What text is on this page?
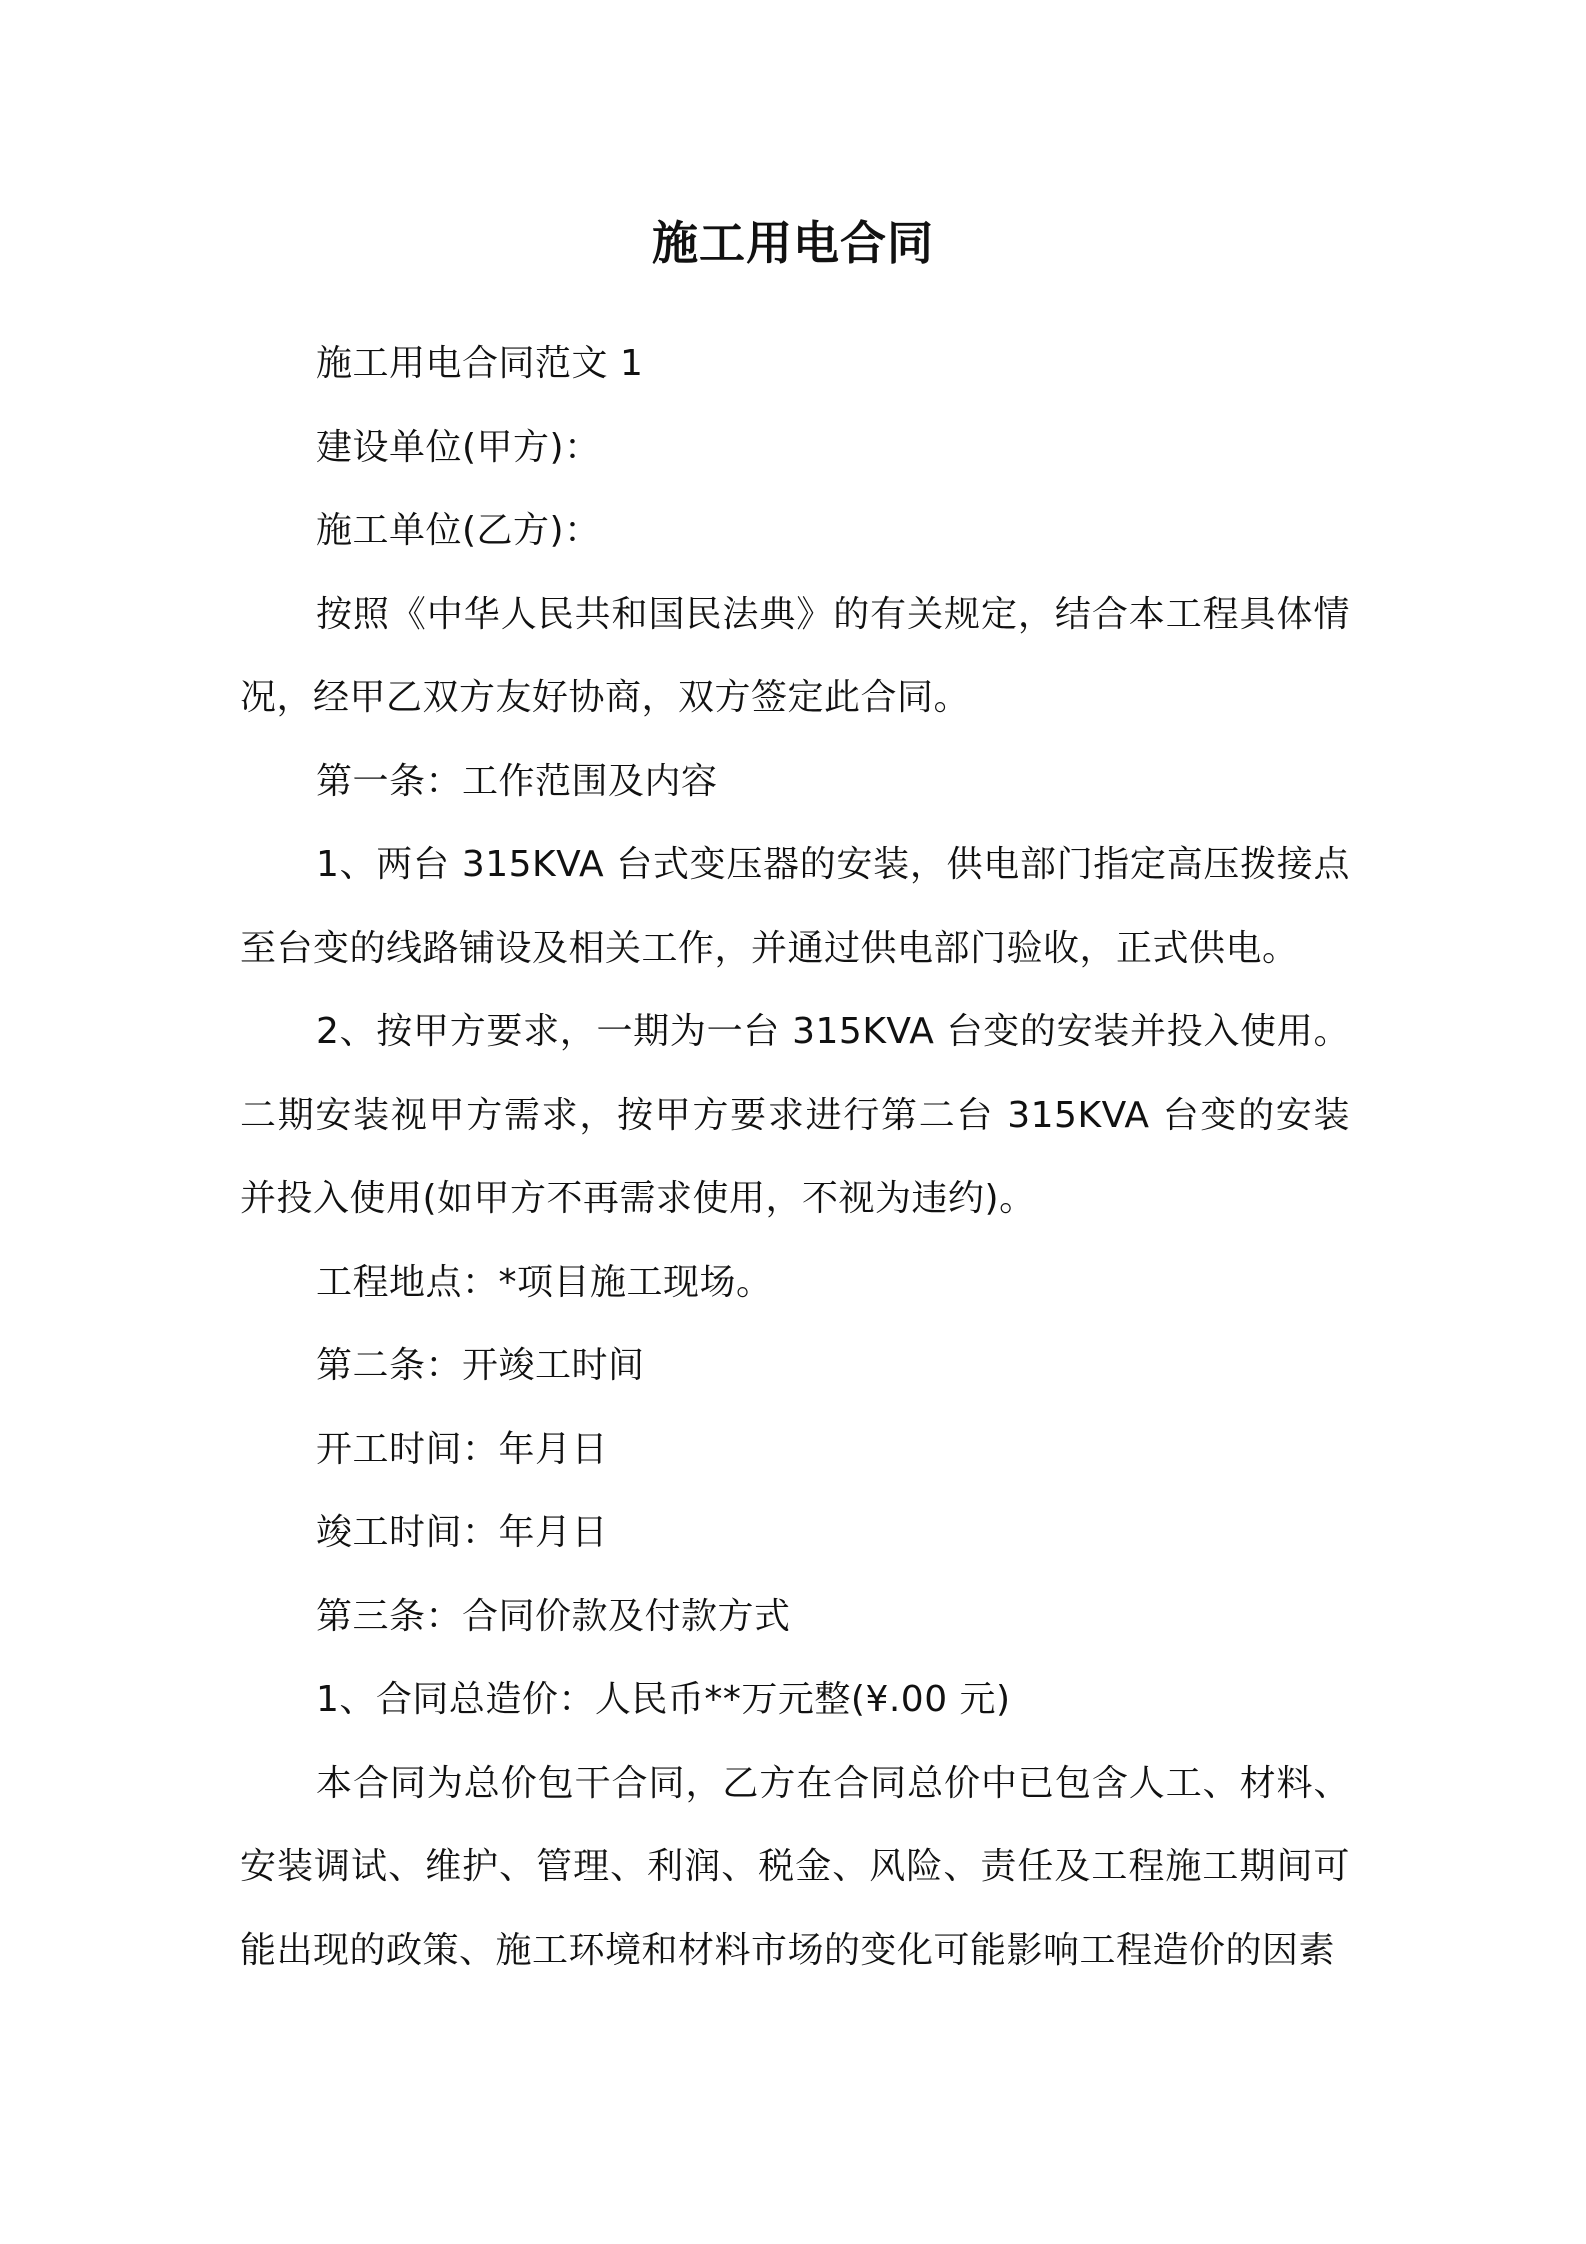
施工用电合同

施工用电合同范文 1

建设单位(甲方)：

施工单位(乙方)：

按照《中华人民共和国民法典》的有关规定，结合本工程具体情况，经甲乙双方友好协商，双方签定此合同。

第一条：工作范围及内容

1、两台 315KVA 台式变压器的安装，供电部门指定高压拨接点至台变的线路铺设及相关工作，并通过供电部门验收，正式供电。

2、按甲方要求，一期为一台 315KVA 台变的安装并投入使用。二期安装视甲方需求，按甲方要求进行第二台 315KVA 台变的安装并投入使用(如甲方不再需求使用，不视为违约)。

工程地点：*项目施工现场。

第二条：开竣工时间

开工时间：年月日

竣工时间：年月日

第三条：合同价款及付款方式

1、合同总造价：人民币**万元整(¥.00 元)

本合同为总价包干合同，乙方在合同总价中已包含人工、材料、安装调试、维护、管理、利润、税金、风险、责任及工程施工期间可能出现的政策、施工环境和材料市场的变化可能影响工程造价的因素
